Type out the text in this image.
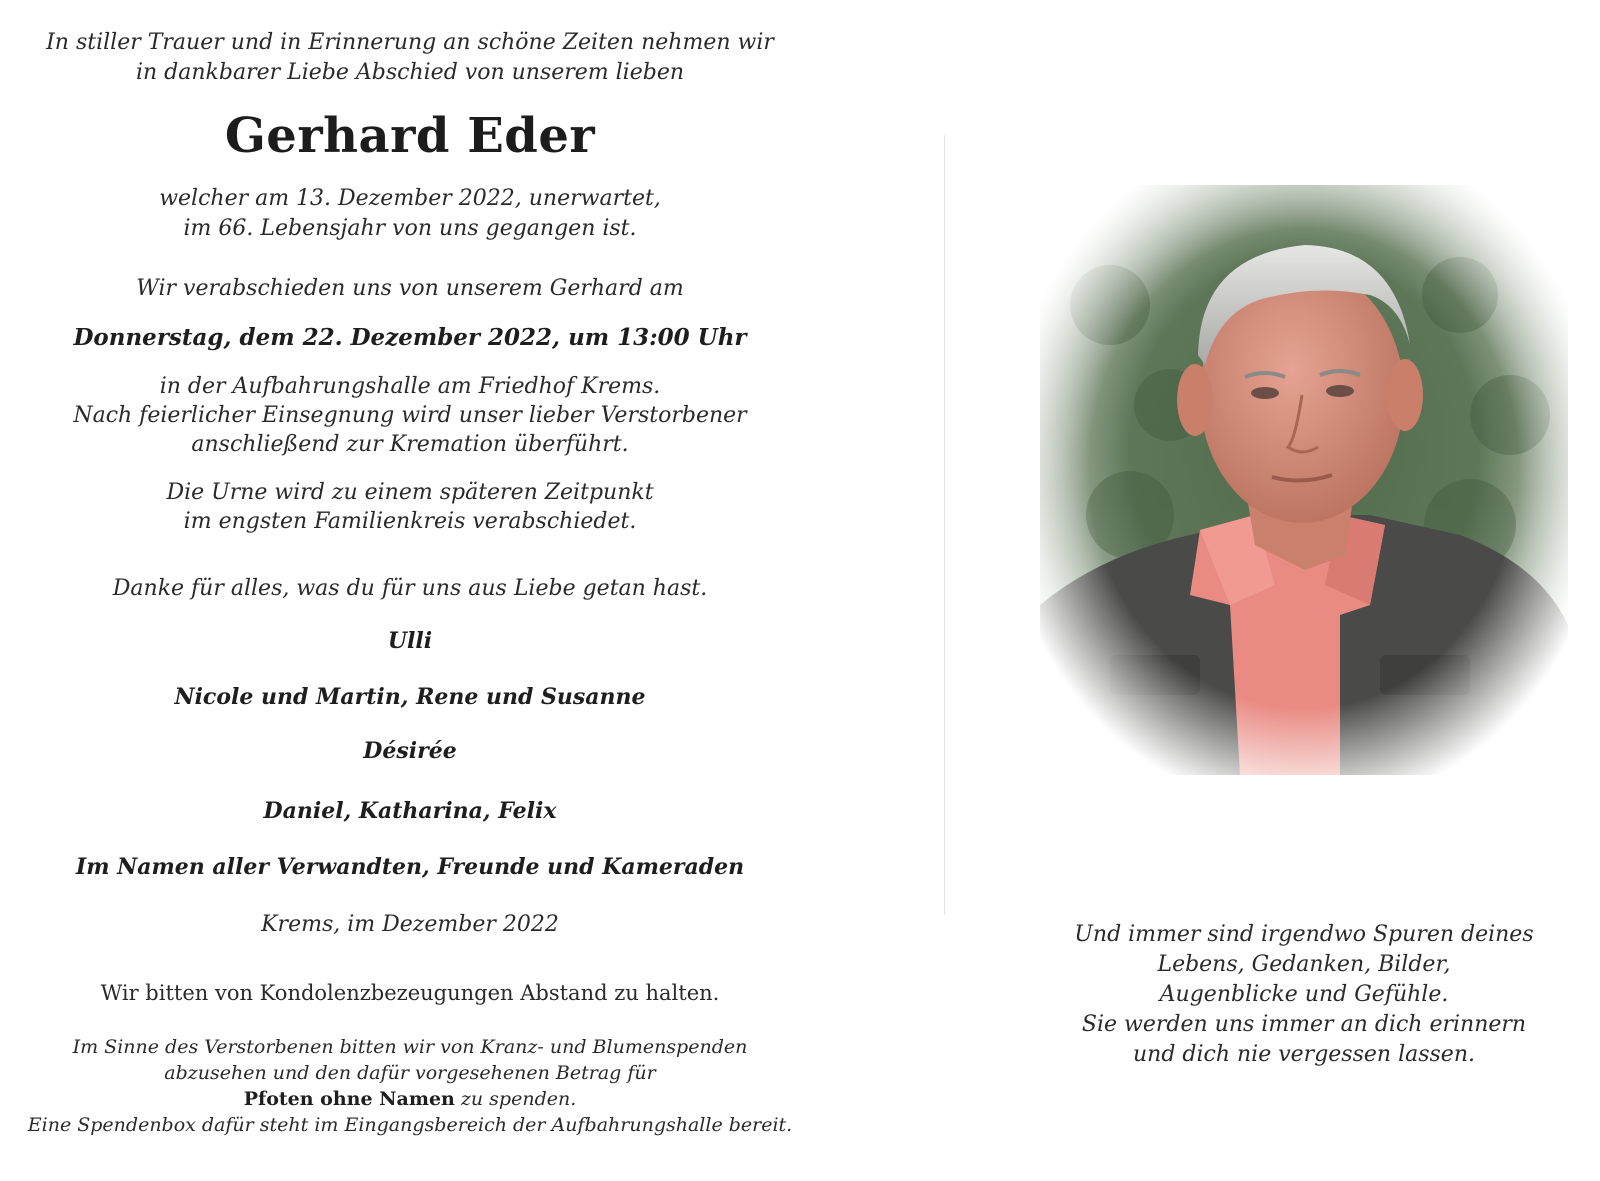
In stiller Trauer und in Erinnerung an schöne Zeiten nehmen wir
in dankbarer Liebe Abschied von unserem lieben
Gerhard Eder
welcher am 13. Dezember 2022, unerwartet,
im 66. Lebensjahr von uns gegangen ist.
Wir verabschieden uns von unserem Gerhard am
Donnerstag, dem 22. Dezember 2022, um 13:00 Uhr
in der Aufbahrungshalle am Friedhof Krems.
Nach feierlicher Einsegnung wird unser lieber Verstorbener
anschließend zur Kremation überführt.
Die Urne wird zu einem späteren Zeitpunkt
im engsten Familienkreis verabschiedet.
Danke für alles, was du für uns aus Liebe getan hast.
Ulli
Nicole und Martin, Rene und Susanne
Désirée
Daniel, Katharina, Felix
Im Namen aller Verwandten, Freunde und Kameraden
Krems, im Dezember 2022
Wir bitten von Kondolenzbezeugungen Abstand zu halten.
Im Sinne des Verstorbenen bitten wir von Kranz- und Blumenspenden
abzusehen und den dafür vorgesehenen Betrag für
Pfoten ohne Namen zu spenden.
Eine Spendenbox dafür steht im Eingangsbereich der Aufbahrungshalle bereit.
Und immer sind irgendwo Spuren deines
Lebens, Gedanken, Bilder,
Augenblicke und Gefühle.
Sie werden uns immer an dich erinnern
und dich nie vergessen lassen.
